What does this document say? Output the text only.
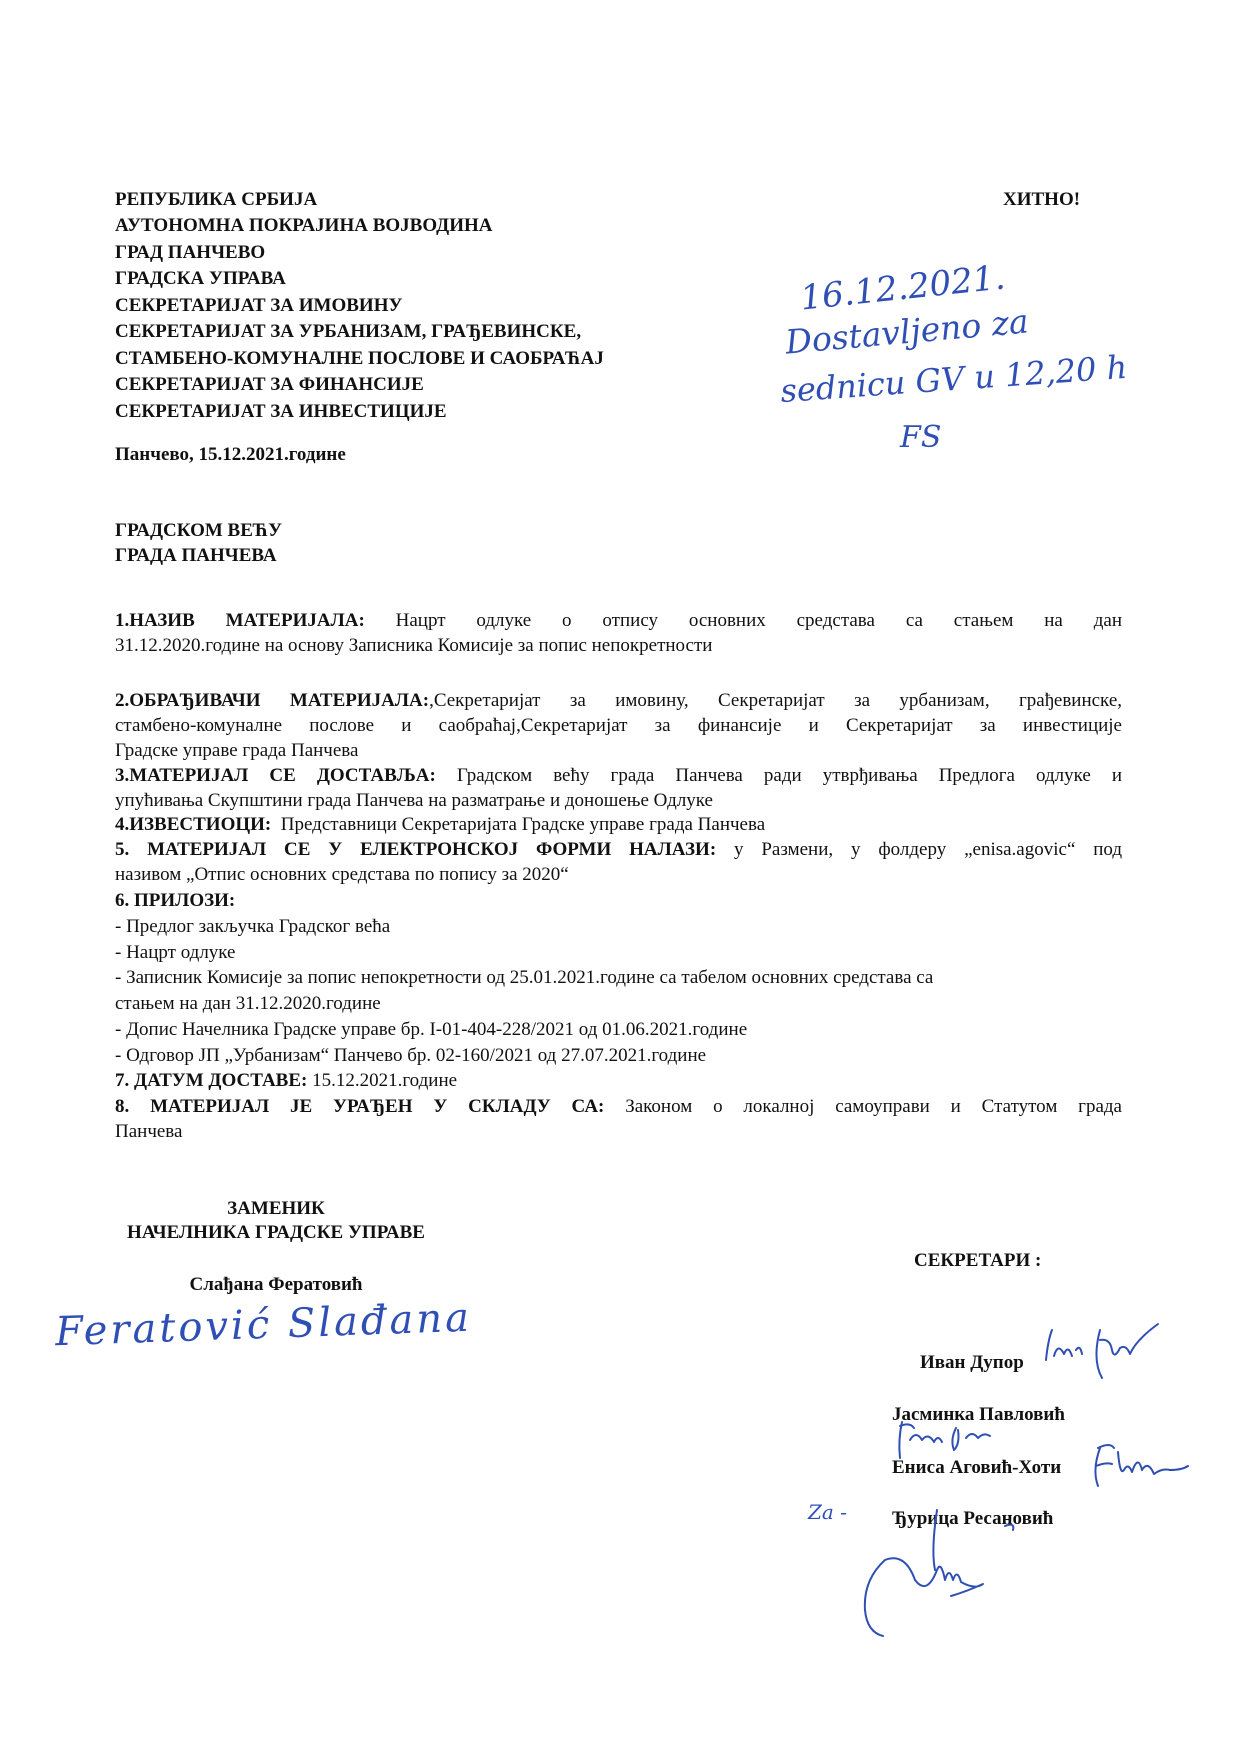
РЕПУБЛИКА СРБИЈА
АУТОНОМНА ПОКРАЈИНА ВОЈВОДИНА
ГРАД ПАНЧЕВО
ГРАДСКА УПРАВА
СЕКРЕТАРИЈАТ ЗА ИМОВИНУ
СЕКРЕТАРИЈАТ ЗА УРБАНИЗАМ, ГРАЂЕВИНСКЕ,
СТАМБЕНО-КОМУНАЛНЕ ПОСЛОВЕ И САОБРАЋАЈ
СЕКРЕТАРИЈАТ ЗА ФИНАНСИЈЕ
СЕКРЕТАРИЈАТ ЗА ИНВЕСТИЦИЈЕ
ХИТНО!
Панчево, 15.12.2021.године
16.12.2021.
Dostavljeno za
sednicu GV u 12,20 h
FS
ГРАДСКОМ ВЕЋУ
ГРАДА ПАНЧЕВА
1.НАЗИВ МАТЕРИЈАЛА: Нацрт одлуке о отпису основних средстава са стањем на дан
31.12.2020.године на основу Записника Комисије за попис непокретности
2.ОБРАЂИВАЧИ МАТЕРИЈАЛА:,Секретаријат за имовину, Секретаријат за урбанизам, грађевинске,
стамбено-комуналне послове и саобраћај,Секретаријат за финансије и Секретаријат за инвестиције
Градске управе града Панчева
3.МАТЕРИЈАЛ СЕ ДОСТАВЉА: Градском већу града Панчева ради утврђивања Предлога одлуке и
упућивања Скупштини града Панчева на разматрање и доношење Одлуке
4.ИЗВЕСТИОЦИ: Представници Секретаријата Градске управе града Панчева
5. МАТЕРИЈАЛ СЕ У ЕЛЕКТРОНСКОЈ ФОРМИ НАЛАЗИ: у Размени, у фолдеру „enisa.agovic“ под
називом „Отпис основних средстава по попису за 2020“
6. ПРИЛОЗИ:
- Предлог закључка Градског већа
- Нацрт одлуке
- Записник Комисије за попис непокретности од 25.01.2021.године са табелом основних средстава са
стањем на дан 31.12.2020.године
- Допис Начелника Градске управе бр. I-01-404-228/2021 од 01.06.2021.године
- Одговор ЈП „Урбанизам“ Панчево бр. 02-160/2021 од 27.07.2021.године
7. ДАТУМ ДОСТАВЕ: 15.12.2021.године
8. МАТЕРИЈАЛ ЈЕ УРАЂЕН У СКЛАДУ СА: Законом о локалној самоуправи и Статутом града
Панчева
ЗАМЕНИК
НАЧЕЛНИКА ГРАДСКЕ УПРАВЕ
Слађана Фератовић
Feratović Slađana
СЕКРЕТАРИ :
Иван Дупор
Јасминка Павловић
Ениса Аговић-Хоти
Za - Ђурица Ресановић
